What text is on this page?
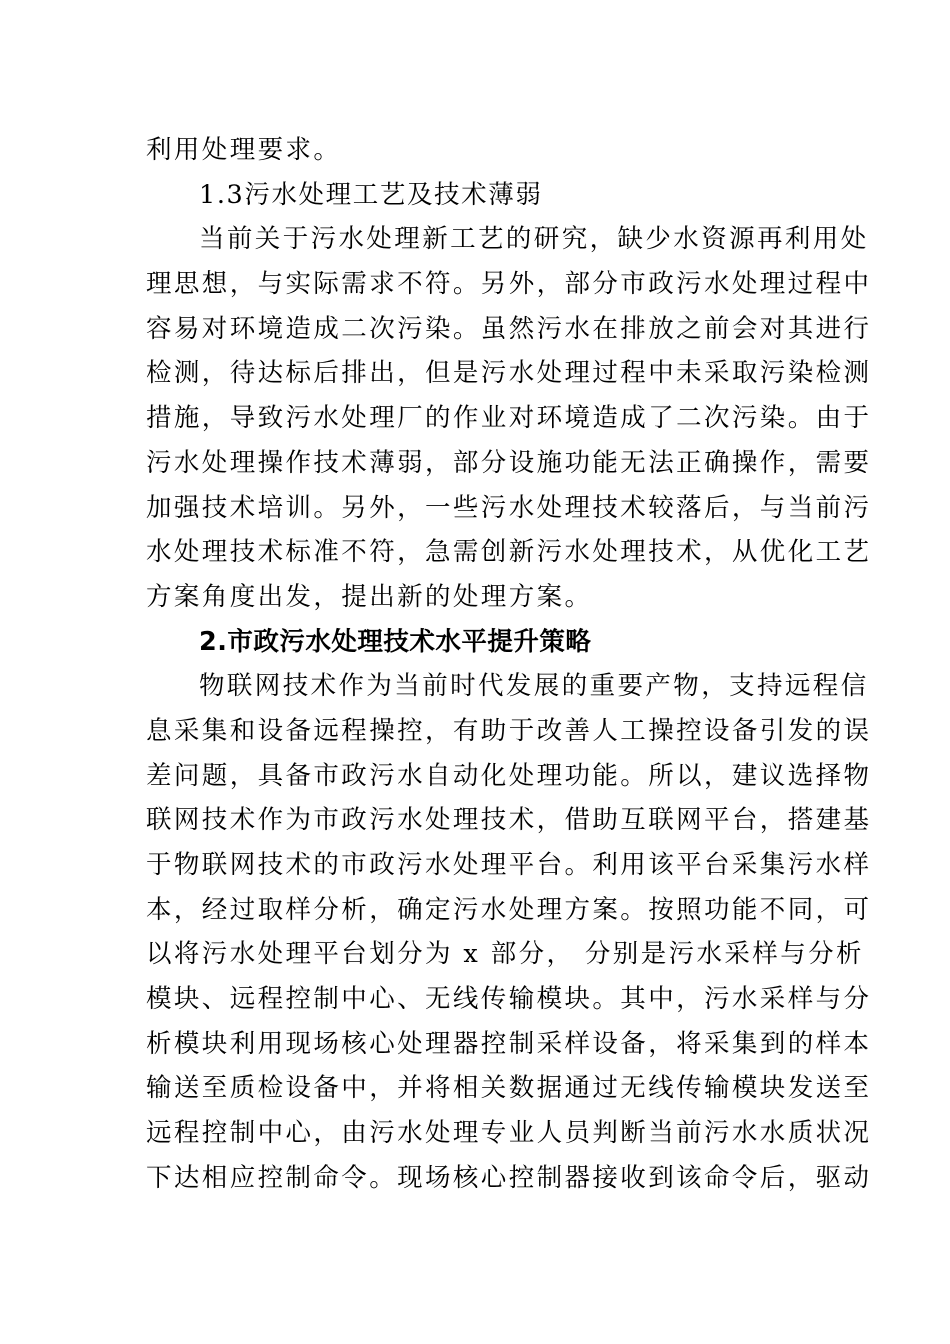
利用处理要求。
1.3污水处理工艺及技术薄弱
当前关于污水处理新工艺的研究，缺少水资源再利用处
理思想，与实际需求不符。另外，部分市政污水处理过程中
容易对环境造成二次污染。虽然污水在排放之前会对其进行
检测，待达标后排出，但是污水处理过程中未采取污染检测
措施，导致污水处理厂的作业对环境造成了二次污染。由于
污水处理操作技术薄弱，部分设施功能无法正确操作，需要
加强技术培训。另外，一些污水处理技术较落后，与当前污
水处理技术标准不符，急需创新污水处理技术，从优化工艺
方案角度出发，提出新的处理方案。
2.市政污水处理技术水平提升策略
物联网技术作为当前时代发展的重要产物，支持远程信
息采集和设备远程操控，有助于改善人工操控设备引发的误
差问题，具备市政污水自动化处理功能。所以，建议选择物
联网技术作为市政污水处理技术，借助互联网平台，搭建基
于物联网技术的市政污水处理平台。利用该平台采集污水样
本，经过取样分析，确定污水处理方案。按照功能不同，可
以将污水处理平台划分为 x 部分， 分别是污水采样与分析
模块、远程控制中心、无线传输模块。其中，污水采样与分
析模块利用现场核心处理器控制采样设备，将采集到的样本
输送至质检设备中，并将相关数据通过无线传输模块发送至
远程控制中心，由污水处理专业人员判断当前污水水质状况
下达相应控制命令。现场核心控制器接收到该命令后，驱动
